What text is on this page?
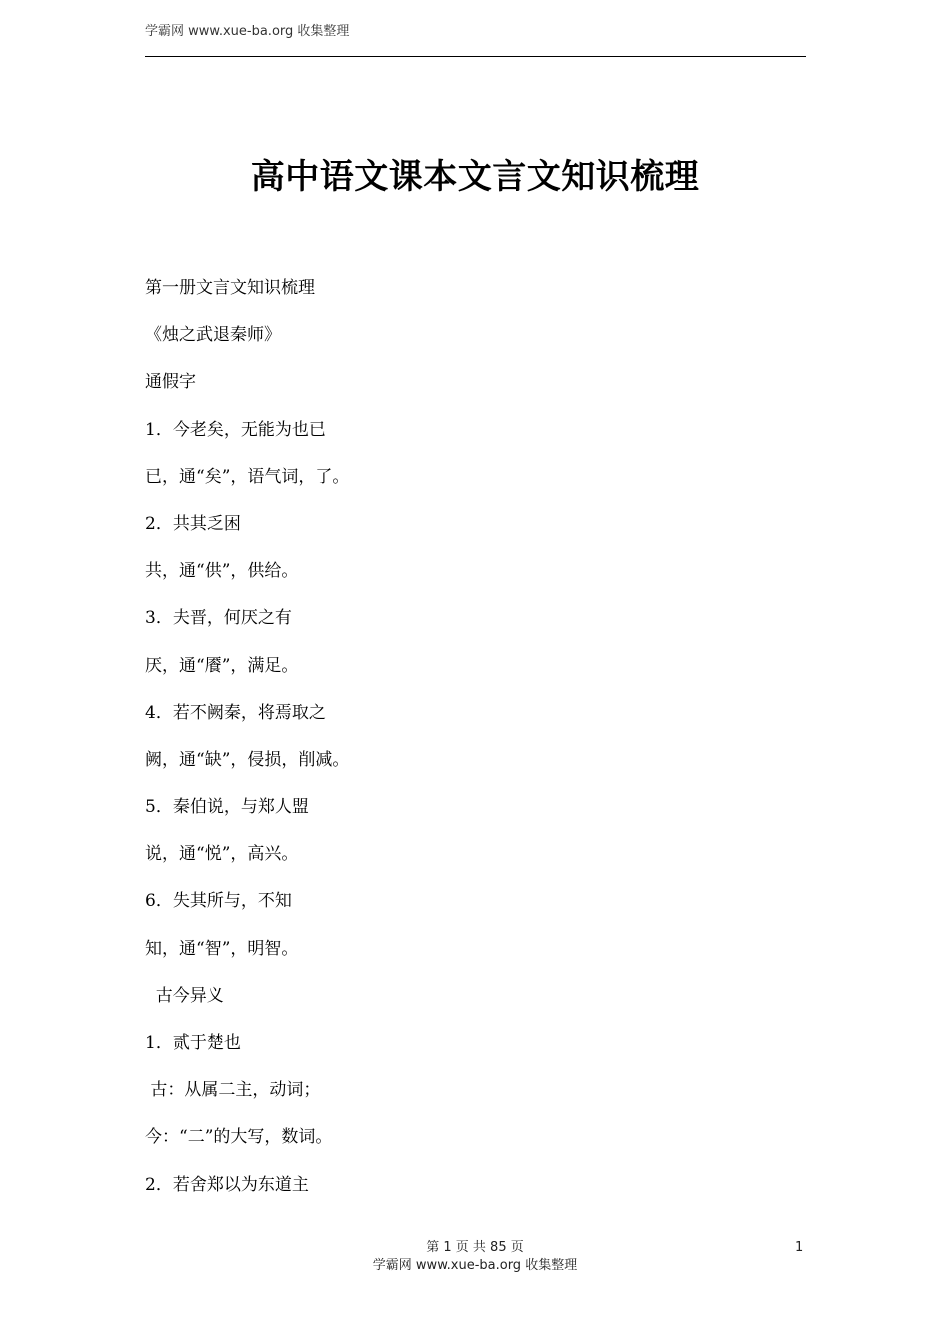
学霸网 www.xue-ba.org 收集整理
高中语文课本文言文知识梳理
第一册文言文知识梳理
《烛之武退秦师》
通假字
1．今老矣，无能为也已
已，通“矣”，语气词，了。
2．共其乏困
共，通“供”，供给。
3．夫晋，何厌之有
厌，通“餍”，满足。
4．若不阙秦，将焉取之
阙，通“缺”，侵损，削减。
5．秦伯说，与郑人盟
说，通“悦”，高兴。
6．失其所与，不知
知，通“智”，明智。
古今异义
1．贰于楚也
古：从属二主，动词；
今：“二”的大写，数词。
2．若舍郑以为东道主
第 1 页 共 85 页
学霸网 www.xue-ba.org 收集整理
1
